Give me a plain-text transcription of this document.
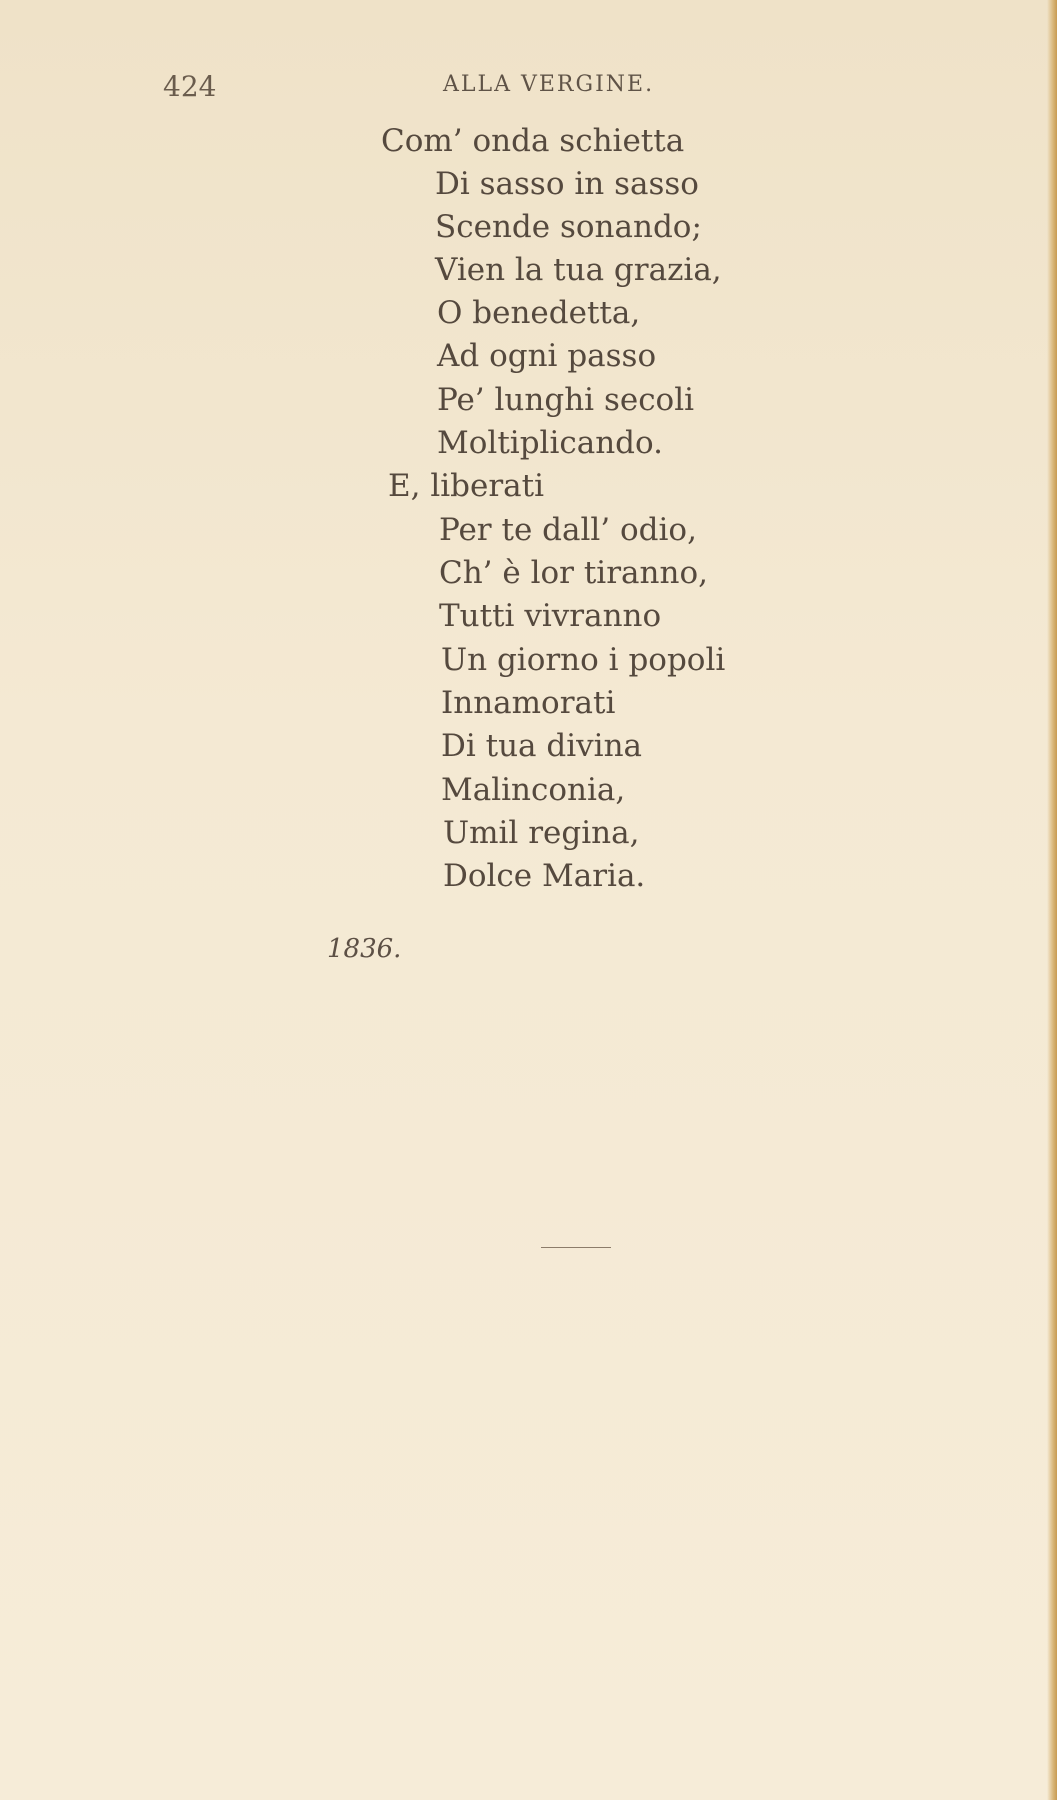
424	ALLA VERGINE.
Com’ onda schietta
Di sasso in sasso
Scende sonando;
Vien la tua grazia,
O benedetta,
Ad ogni passo
Pe’ lunghi secoli
Moltiplicando.
E, liberati
Per te dall’ odio,
Ch’ è lor tiranno,
Tutti vivranno
Un giorno i popoli
Innamorati
Di tua divina
Malinconia,
Umil regina,
Dolce Maria.
1836.
